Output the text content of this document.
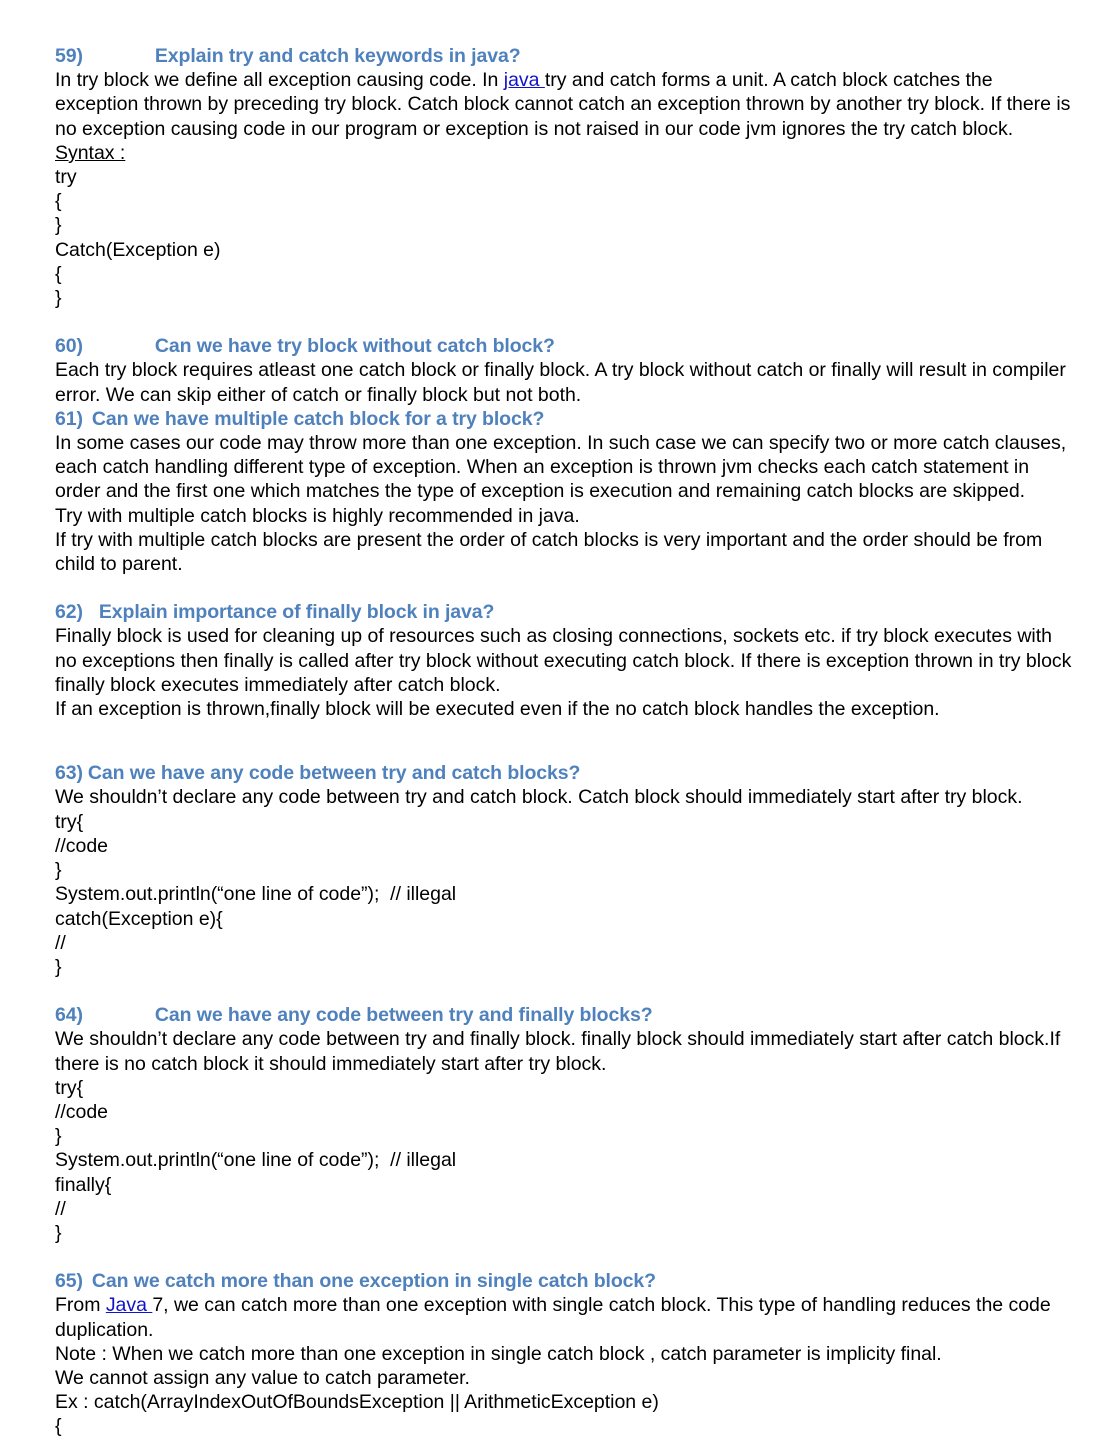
59)	Explain try and catch keywords in java?
In try block we define all exception causing code. In java try and catch forms a unit. A catch block catches the exception thrown by preceding try block. Catch block cannot catch an exception thrown by another try block. If there is no exception causing code in our program or exception is not raised in our code jvm ignores the try catch block.
Syntax :
try
{
}
Catch(Exception e)
{
}
60)	Can we have try block without catch block?
Each try block requires atleast one catch block or finally block. A try block without catch or finally will result in compiler error. We can skip either of catch or finally block but not both.
61) Can we have multiple catch block for a try block?
In some cases our code may throw more than one exception. In such case we can specify two or more catch clauses, each catch handling different type of exception. When an exception is thrown jvm checks each catch statement in order and the first one which matches the type of exception is execution and remaining catch blocks are skipped.
Try with multiple catch blocks is highly recommended in java.
If try with multiple catch blocks are present the order of catch blocks is very important and the order should be from child to parent.
62) Explain importance of finally block in java?
Finally block is used for cleaning up of resources such as closing connections, sockets etc. if try block executes with no exceptions then finally is called after try block without executing catch block. If there is exception thrown in try block finally block executes immediately after catch block.
If an exception is thrown,finally block will be executed even if the no catch block handles the exception.
63) Can we have any code between try and catch blocks?
We shouldn’t declare any code between try and catch block. Catch block should immediately start after try block.
try{
//code
}
System.out.println(“one line of code”);  // illegal
catch(Exception e){
//
}
64)	Can we have any code between try and finally blocks?
We shouldn’t declare any code between try and finally block. finally block should immediately start after catch block.If there is no catch block it should immediately start after try block.
try{
//code
}
System.out.println(“one line of code”);  // illegal
finally{
//
}
65) Can we catch more than one exception in single catch block?
From Java 7, we can catch more than one exception with single catch block. This type of handling reduces the code duplication.
Note : When we catch more than one exception in single catch block , catch parameter is implicity final.
We cannot assign any value to catch parameter.
Ex : catch(ArrayIndexOutOfBoundsException || ArithmeticException e)
{
